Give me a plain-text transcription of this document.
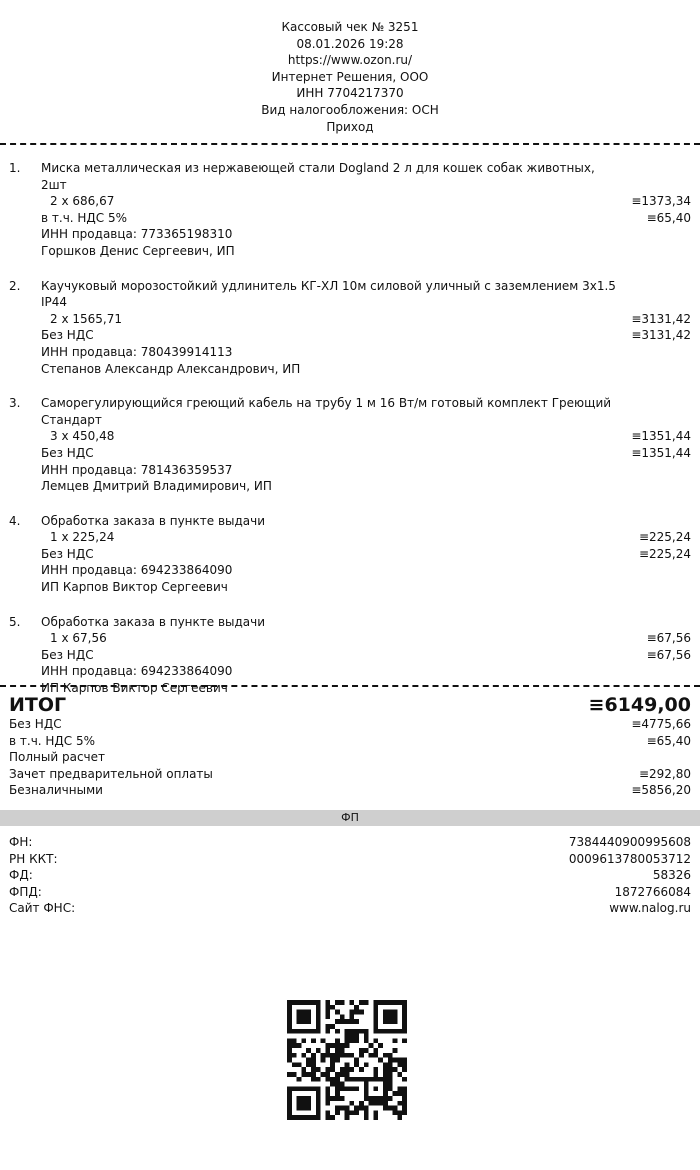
Кассовый чек № 3251
08.01.2026 19:28
https://www.ozon.ru/
Интернет Решения, ООО
ИНН 7704217370
Вид налогообложения: ОСН
Приход
1. Миска металлическая из нержавеющей стали Dogland 2 л для кошек собак животных, 2шт
2 x 686,67	≡1373,34
в т.ч. НДС 5%	≡65,40
ИНН продавца: 773365198310
Горшков Денис Сергеевич, ИП
2. Каучуковый морозостойкий удлинитель КГ-ХЛ 10м силовой уличный с заземлением 3x1.5 IP44
2 x 1565,71	≡3131,42
Без НДС	≡3131,42
ИНН продавца: 780439914113
Степанов Александр Александрович, ИП
3. Саморегулирующийся греющий кабель на трубу 1 м 16 Вт/м готовый комплект Греющий Стандарт
3 x 450,48	≡1351,44
Без НДС	≡1351,44
ИНН продавца: 781436359537
Лемцев Дмитрий Владимирович, ИП
4. Обработка заказа в пункте выдачи
1 x 225,24	≡225,24
Без НДС	≡225,24
ИНН продавца: 694233864090
ИП Карпов Виктор Сергеевич
5. Обработка заказа в пункте выдачи
1 x 67,56	≡67,56
Без НДС	≡67,56
ИНН продавца: 694233864090
ИП Карпов Виктор Сергеевич
ИТОГ	≡6149,00
Без НДС	≡4775,66
в т.ч. НДС 5%	≡65,40
Полный расчет
Зачет предварительной оплаты	≡292,80
Безналичными	≡5856,20
ФП
ФН:	7384440900995608
РН ККТ:	0009613780053712
ФД:	58326
ФПД:	1872766084
Сайт ФНС:	www.nalog.ru
